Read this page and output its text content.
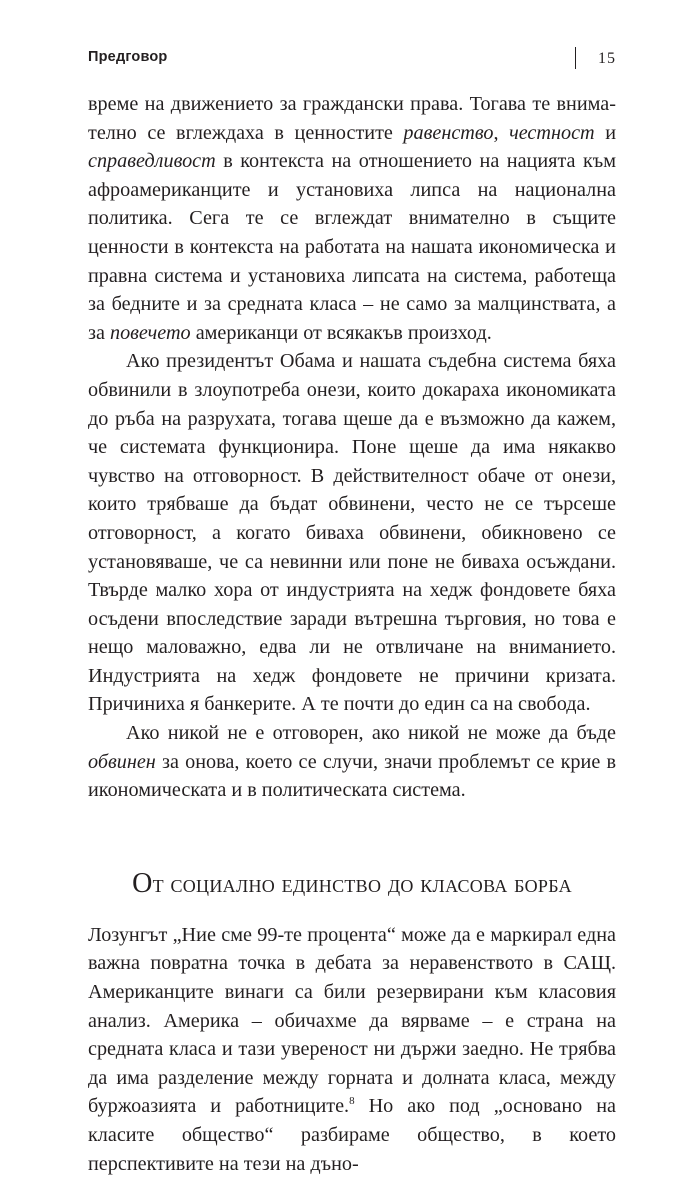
Предговор	15

време на движението за граждански права. Тогава те внимателно се вглеждаха в ценностите равенство, честност и справедливост в контекста на отношението на нацията към афроамериканците и установиха липса на национална политика. Сега те се вглеждат внимателно в същите ценности в контекста на работата на нашата икономическа и правна система и установиха липсата на система, работеща за бедните и за средната класа – не само за малцинствата, а за повечето американци от всякакъв произход.

Ако президентът Обама и нашата съдебна система бяха обвинили в злоупотреба онези, които докараха икономиката до ръба на разрухата, тогава щеше да е възможно да кажем, че системата функционира. Поне щеше да има някакво чувство на отговорност. В действителност обаче от онези, които трябваше да бъдат обвинени, често не се търсеше отговорност, а когато биваха обвинени, обикновено се установяваше, че са невинни или поне не биваха осъждани. Твърде малко хора от индустрията на хедж фондовете бяха осъдени впоследствие заради вътрешна търговия, но това е нещо маловажно, едва ли не отвличане на вниманието. Индустрията на хедж фондовете не причини кризата. Причиниха я банкерите. А те почти до един са на свобода.

Ако никой не е отговорен, ако никой не може да бъде обвинен за онова, което се случи, значи проблемът се крие в икономическата и в политическата система.

От социално единство до класова борба

Лозунгът „Ние сме 99-те процента“ може да е маркирал една важна повратна точка в дебата за неравенството в САЩ. Американците винаги са били резервирани към класовия анализ. Америка – обичахме да вярваме – е страна на средната класа и тази увереност ни държи заедно. Не трябва да има разделение между горната и долната класа, между буржоазията и работниците.$^8$ Но ако под „основано на класите общество“ разбираме общество, в което перспективите на тези на дъно-
